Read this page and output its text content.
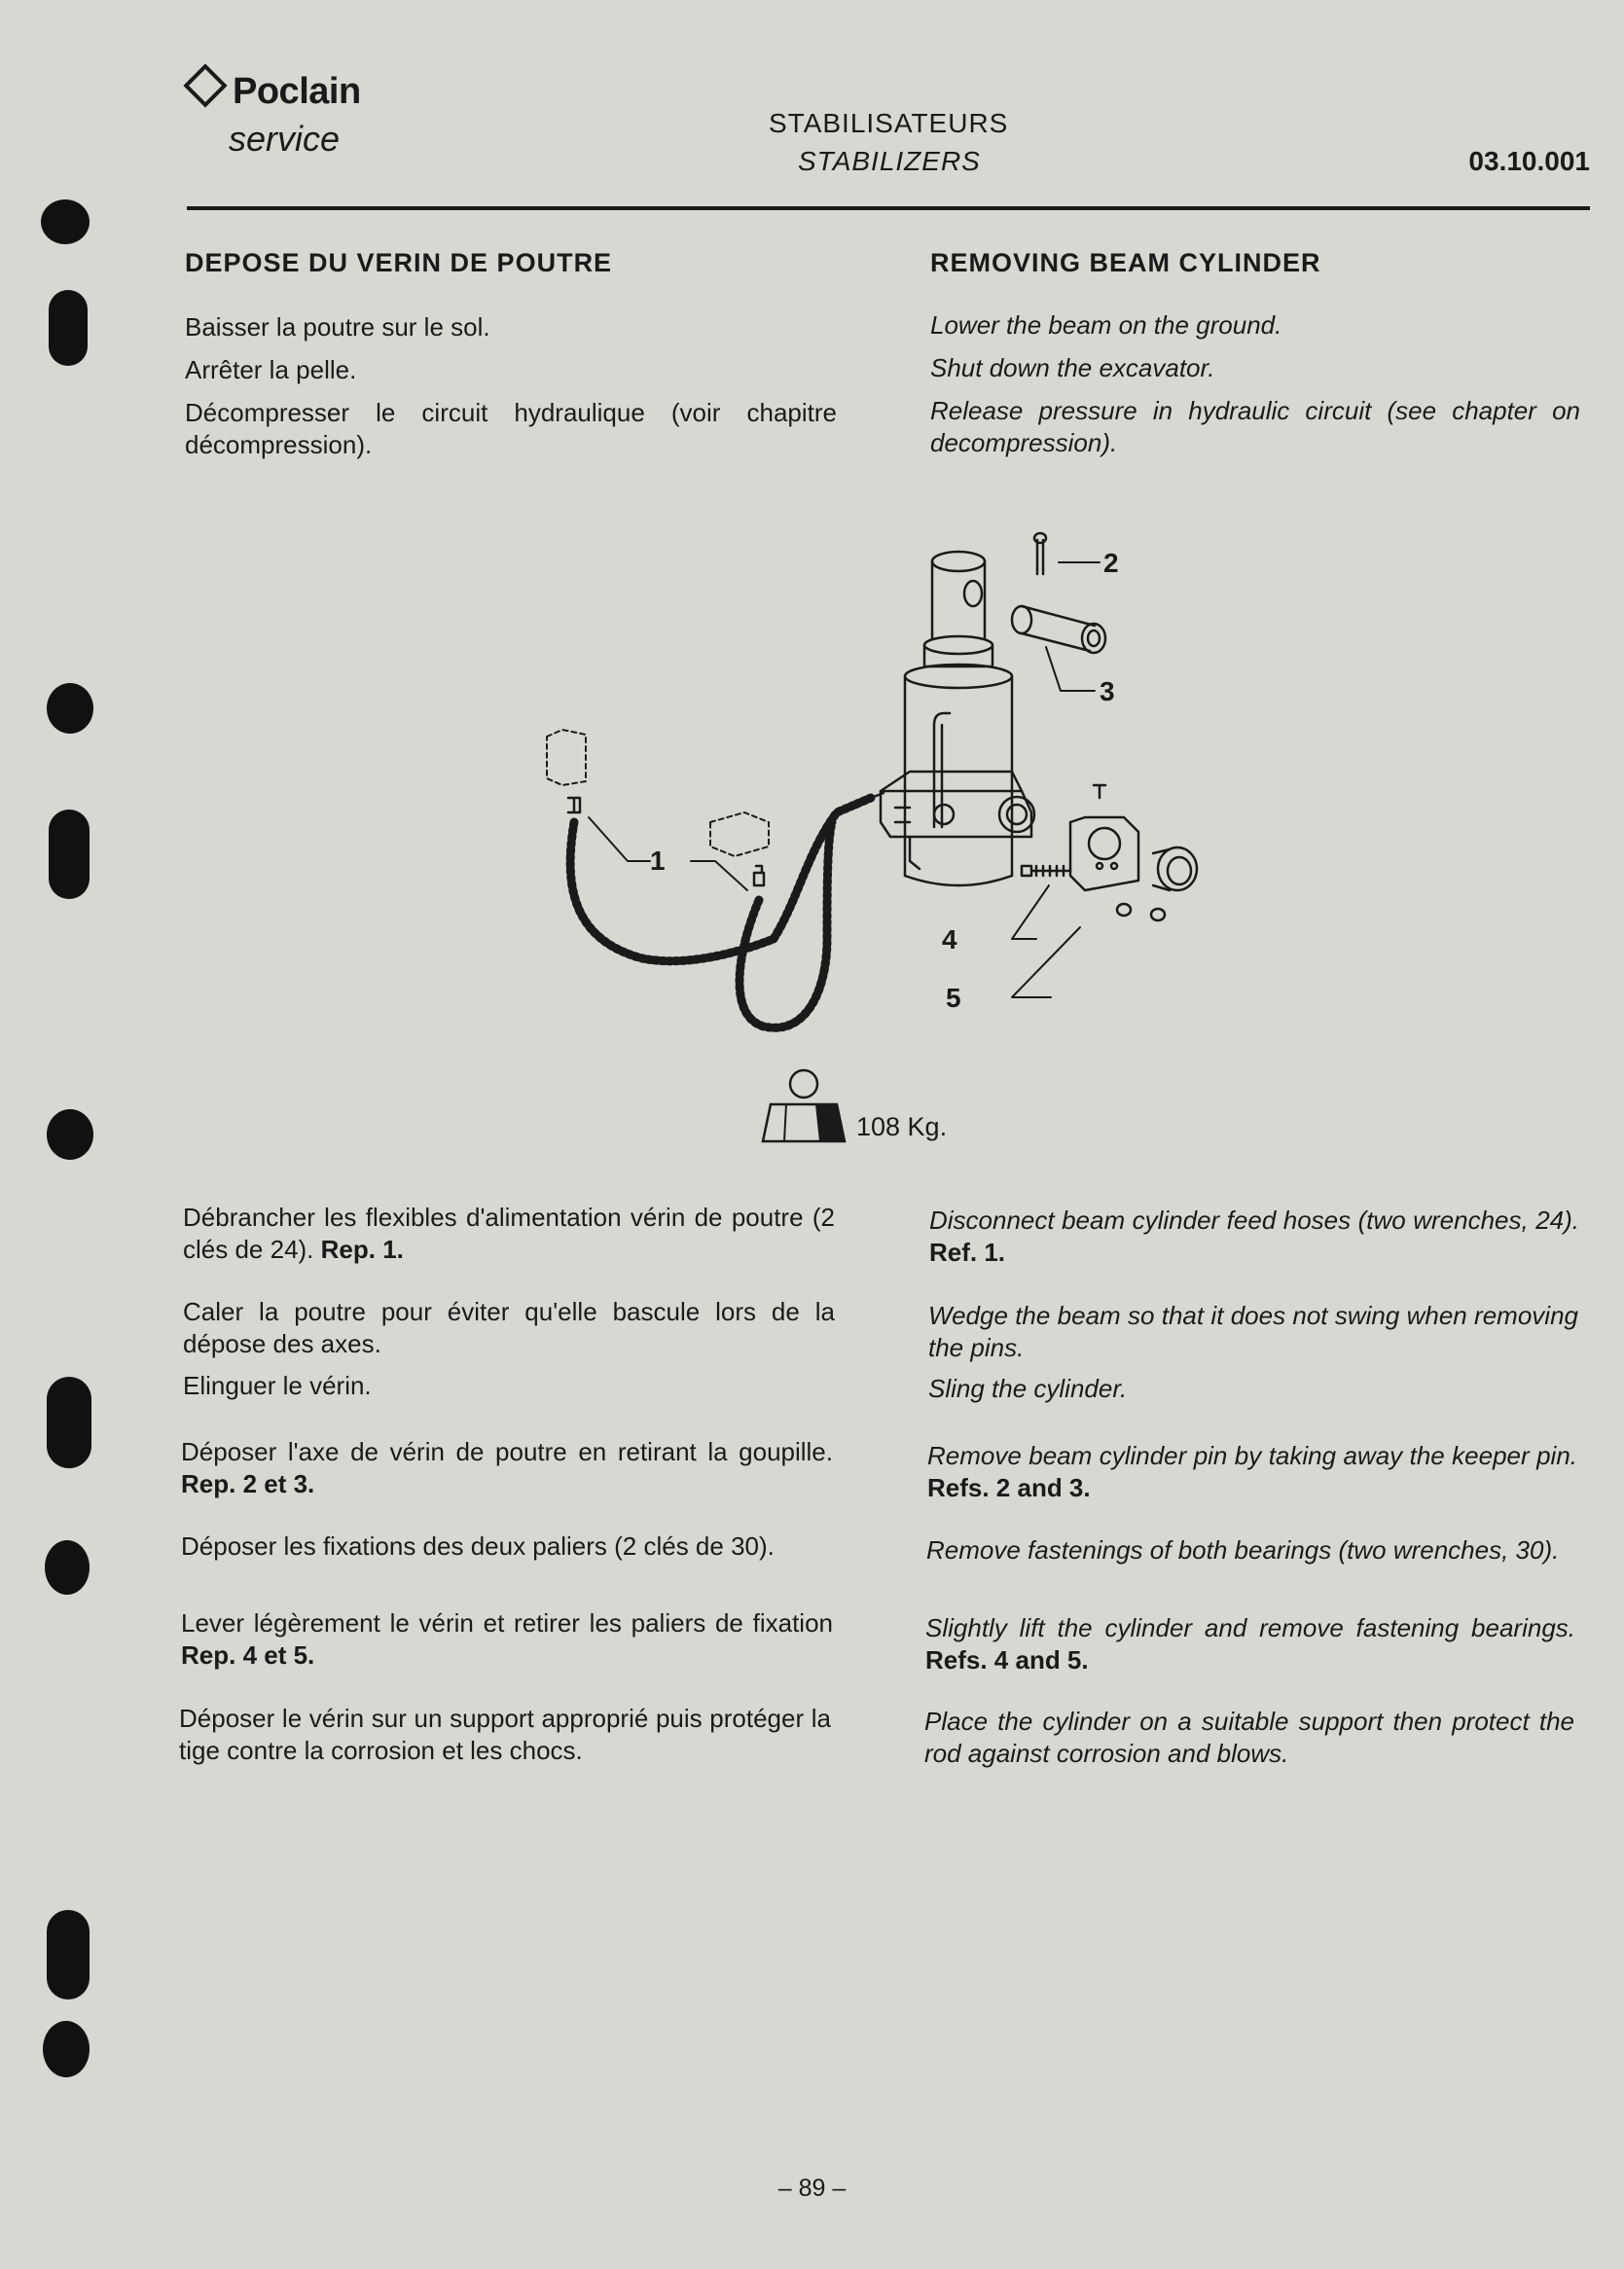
Poclain
service	STABILISATEURS
STABILIZERS	03.10.001
DEPOSE DU VERIN DE POUTRE	REMOVING BEAM CYLINDER

Baisser la poutre sur le sol.

Arrêter la pelle.

Décompresser le circuit hydraulique (voir chapitre décompression).

Lower the beam on the ground.

Shut down the excavator.

Release pressure in hydraulic circuit (see chapter on decompression).

1
2
3
4
5
108 Kg.

Débrancher les flexibles d'alimentation vérin de poutre (2 clés de 24). Rep. 1.

Caler la poutre pour éviter qu'elle bascule lors de la dépose des axes.

Elinguer le vérin.

Déposer l'axe de vérin de poutre en retirant la goupille. Rep. 2 et 3.

Déposer les fixations des deux paliers (2 clés de 30).

Lever légèrement le vérin et retirer les paliers de fixation Rep. 4 et 5.

Déposer le vérin sur un support approprié puis protéger la tige contre la corrosion et les chocs.

Disconnect beam cylinder feed hoses (two wrenches, 24). Ref. 1.

Wedge the beam so that it does not swing when removing the pins.

Sling the cylinder.

Remove beam cylinder pin by taking away the keeper pin. Refs. 2 and 3.

Remove fastenings of both bearings (two wrenches, 30).

Slightly lift the cylinder and remove fastening bearings. Refs. 4 and 5.

Place the cylinder on a suitable support then protect the rod against corrosion and blows.

– 89 –
